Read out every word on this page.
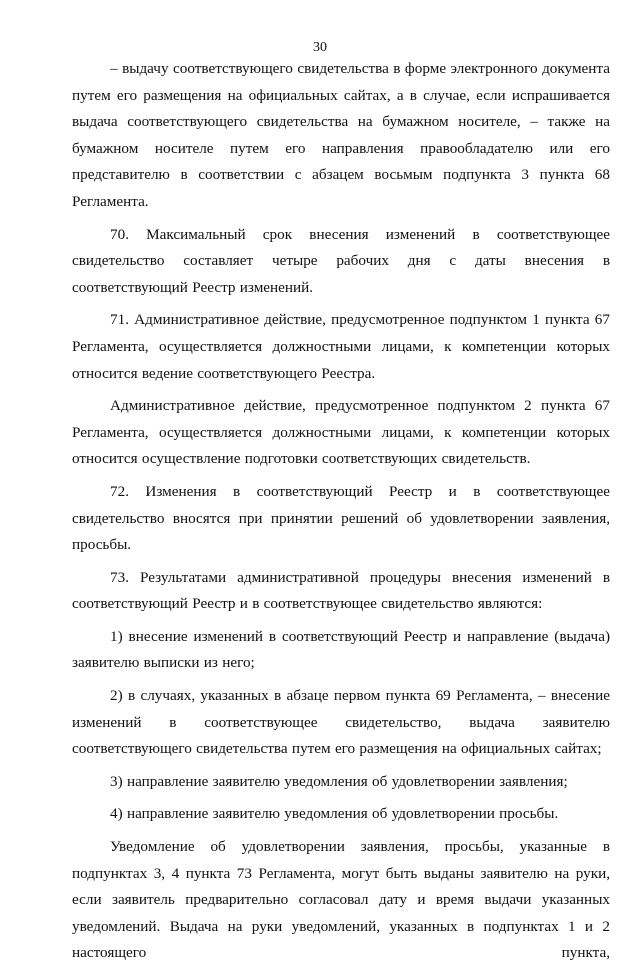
30

– выдачу соответствующего свидетельства в форме электронного документа путем его размещения на официальных сайтах, а в случае, если испрашивается выдача соответствующего свидетельства на бумажном носителе, – также на бумажном носителе путем его направления правообладателю или его представителю в соответствии с абзацем восьмым подпункта 3 пункта 68 Регламента.

70. Максимальный срок внесения изменений в соответствующее свидетельство составляет четыре рабочих дня с даты внесения в соответствующий Реестр изменений.

71. Административное действие, предусмотренное подпунктом 1 пункта 67 Регламента, осуществляется должностными лицами, к компетенции которых относится ведение соответствующего Реестра.

Административное действие, предусмотренное подпунктом 2 пункта 67 Регламента, осуществляется должностными лицами, к компетенции которых относится осуществление подготовки соответствующих свидетельств.

72. Изменения в соответствующий Реестр и в соответствующее свидетельство вносятся при принятии решений об удовлетворении заявления, просьбы.

73. Результатами административной процедуры внесения изменений в соответствующий Реестр и в соответствующее свидетельство являются:

1) внесение изменений в соответствующий Реестр и направление (выдача) заявителю выписки из него;

2) в случаях, указанных в абзаце первом пункта 69 Регламента, – внесение изменений в соответствующее свидетельство, выдача заявителю соответствующего свидетельства путем его размещения на официальных сайтах;

3) направление заявителю уведомления об удовлетворении заявления;

4) направление заявителю уведомления об удовлетворении просьбы.

Уведомление об удовлетворении заявления, просьбы, указанные в подпунктах 3, 4 пункта 73 Регламента, могут быть выданы заявителю на руки, если заявитель предварительно согласовал дату и время выдачи указанных уведомлений. Выдача на руки уведомлений, указанных в подпунктах 1 и 2 настоящего пункта,
